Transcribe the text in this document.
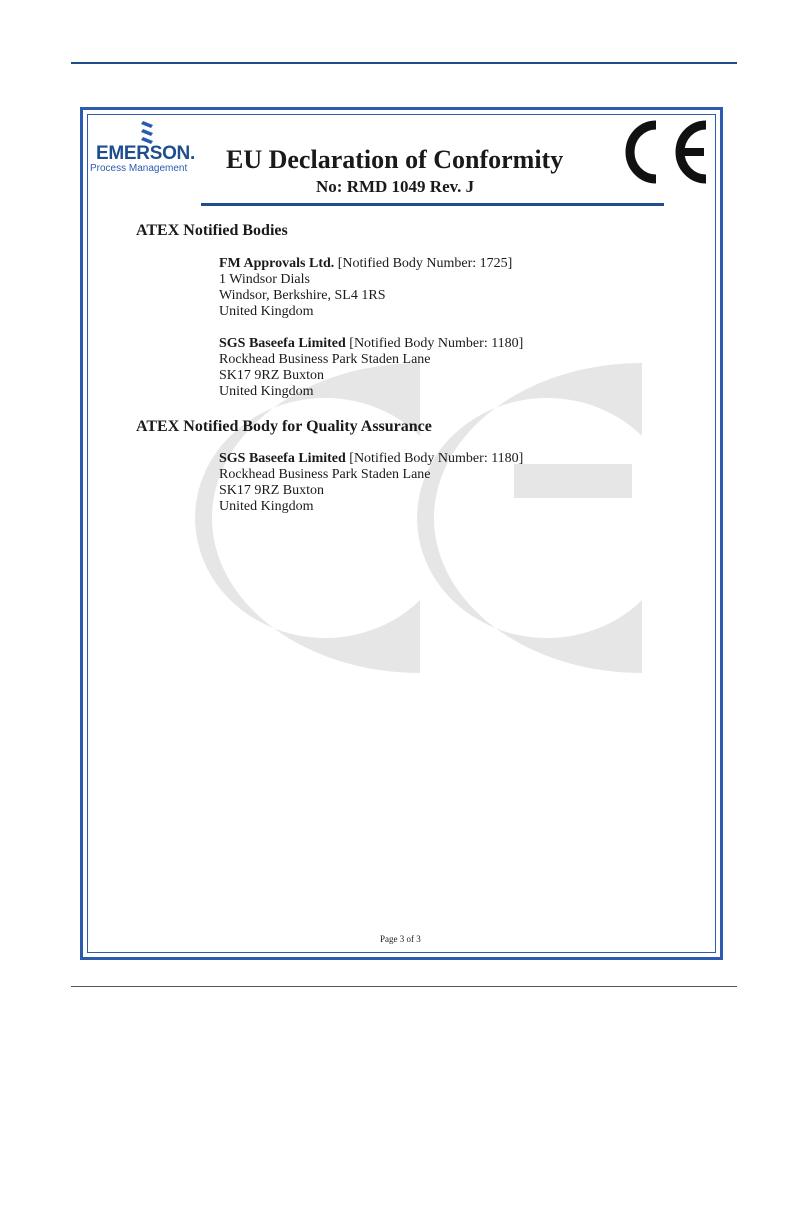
EMERSON.
Process Management EU Declaration of Conformity
No: RMD 1049 Rev. J
ATEX Notified Bodies
FM Approvals Ltd. [Notified Body Number: 1725]
1 Windsor Dials
Windsor, Berkshire, SL4 1RS
United Kingdom
SGS Baseefa Limited [Notified Body Number: 1180]
Rockhead Business Park Staden Lane
SK17 9RZ Buxton
United Kingdom
ATEX Notified Body for Quality Assurance
SGS Baseefa Limited [Notified Body Number: 1180]
Rockhead Business Park Staden Lane
SK17 9RZ Buxton
United Kingdom
Page 3 of 3
